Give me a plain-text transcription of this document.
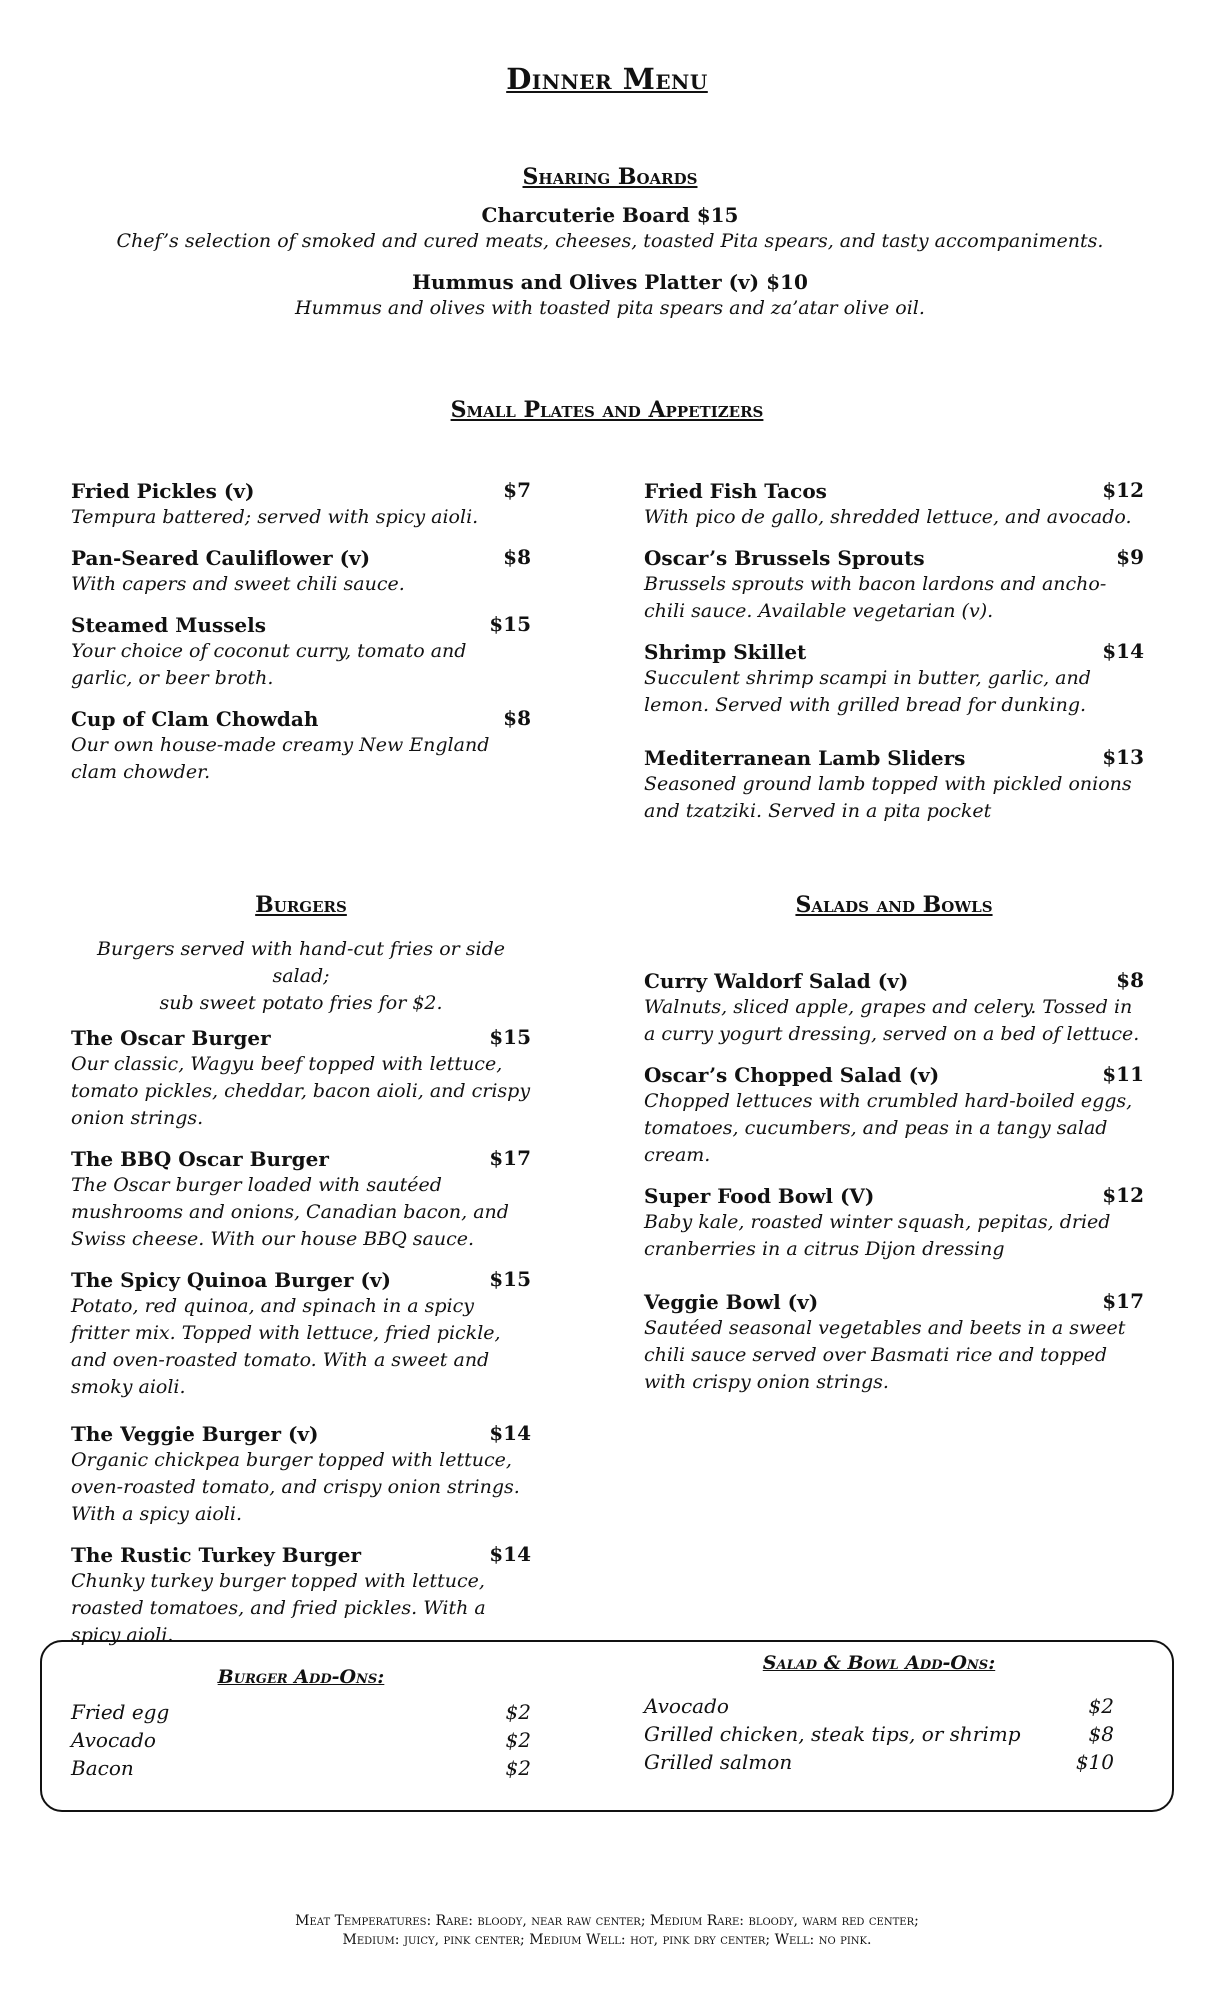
Dinner Menu
Sharing Boards
Charcuterie Board $15
Chef’s selection of smoked and cured meats, cheeses, toasted Pita spears, and tasty accompaniments.
Hummus and Olives Platter (v) $10
Hummus and olives with toasted pita spears and za’atar olive oil.
Small Plates and Appetizers
Fried Pickles (v)	$7
Tempura battered; served with spicy aioli.
Pan-Seared Cauliflower (v)	$8
With capers and sweet chili sauce.
Steamed Mussels	$15
Your choice of coconut curry, tomato and garlic, or beer broth.
Cup of Clam Chowdah	$8
Our own house-made creamy New England clam chowder.
Fried Fish Tacos	$12
With pico de gallo, shredded lettuce, and avocado.
Oscar’s Brussels Sprouts	$9
Brussels sprouts with bacon lardons and ancho-chili sauce. Available vegetarian (v).
Shrimp Skillet	$14
Succulent shrimp scampi in butter, garlic, and lemon. Served with grilled bread for dunking.
Mediterranean Lamb Sliders	$13
Seasoned ground lamb topped with pickled onions and tzatziki. Served in a pita pocket
Burgers
Burgers served with hand-cut fries or side salad;
sub sweet potato fries for $2.
The Oscar Burger	$15
Our classic, Wagyu beef topped with lettuce, tomato pickles, cheddar, bacon aioli, and crispy onion strings.
The BBQ Oscar Burger	$17
The Oscar burger loaded with sautéed mushrooms and onions, Canadian bacon, and Swiss cheese. With our house BBQ sauce.
The Spicy Quinoa Burger (v)	$15
Potato, red quinoa, and spinach in a spicy fritter mix. Topped with lettuce, fried pickle, and oven-roasted tomato. With a sweet and smoky aioli.
The Veggie Burger (v)	$14
Organic chickpea burger topped with lettuce, oven-roasted tomato, and crispy onion strings. With a spicy aioli.
The Rustic Turkey Burger	$14
Chunky turkey burger topped with lettuce, roasted tomatoes, and fried pickles. With a spicy aioli.
Salads and Bowls
Curry Waldorf Salad (v)	$8
Walnuts, sliced apple, grapes and celery. Tossed in a curry yogurt dressing, served on a bed of lettuce.
Oscar’s Chopped Salad (v)	$11
Chopped lettuces with crumbled hard-boiled eggs, tomatoes, cucumbers, and peas in a tangy salad cream.
Super Food Bowl (V)	$12
Baby kale, roasted winter squash, pepitas, dried cranberries in a citrus Dijon dressing
Veggie Bowl (v)	$17
Sautéed seasonal vegetables and beets in a sweet chili sauce served over Basmati rice and topped with crispy onion strings.
Burger Add-Ons:
Fried egg	$2
Avocado	$2
Bacon	$2
Salad & Bowl Add-Ons:
Avocado	$2
Grilled chicken, steak tips, or shrimp	$8
Grilled salmon	$10
Meat Temperatures: Rare: bloody, near raw center; Medium Rare: bloody, warm red center;
Medium: juicy, pink center; Medium Well: hot, pink dry center; Well: no pink.
